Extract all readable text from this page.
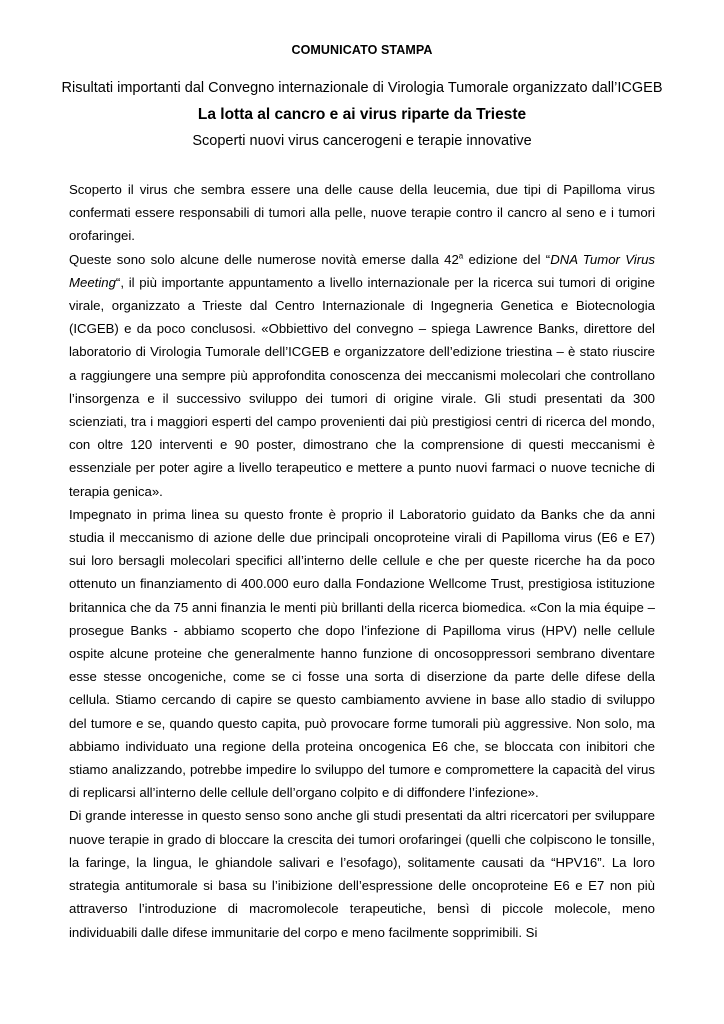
COMUNICATO STAMPA
Risultati importanti dal Convegno internazionale di Virologia Tumorale organizzato dall’ICGEB
La lotta al cancro e ai virus riparte da Trieste
Scoperti nuovi virus cancerogeni e terapie innovative

Scoperto il virus che sembra essere una delle cause della leucemia, due tipi di Papilloma virus confermati essere responsabili di tumori alla pelle, nuove terapie contro il cancro al seno e i tumori orofaringei.

Queste sono solo alcune delle numerose novità emerse dalla 42$^a$ edizione del “DNA Tumor Virus Meeting“, il più importante appuntamento a livello internazionale per la ricerca sui tumori di origine virale, organizzato a Trieste dal Centro Internazionale di Ingegneria Genetica e Biotecnologia (ICGEB) e da poco conclusosi. «Obbiettivo del convegno – spiega Lawrence Banks, direttore del laboratorio di Virologia Tumorale dell’ICGEB e organizzatore dell’edizione triestina – è stato riuscire a raggiungere una sempre più approfondita conoscenza dei meccanismi molecolari che controllano l’insorgenza e il successivo sviluppo dei tumori di origine virale. Gli studi presentati da 300 scienziati, tra i maggiori esperti del campo provenienti dai più prestigiosi centri di ricerca del mondo, con oltre 120 interventi e 90 poster, dimostrano che la comprensione di questi meccanismi è essenziale per poter agire a livello terapeutico e mettere a punto nuovi farmaci o nuove tecniche di terapia genica».

Impegnato in prima linea su questo fronte è proprio il Laboratorio guidato da Banks che da anni studia il meccanismo di azione delle due principali oncoproteine virali di Papilloma virus (E6 e E7) sui loro bersagli molecolari specifici all’interno delle cellule e che per queste ricerche ha da poco ottenuto un finanziamento di 400.000 euro dalla Fondazione Wellcome Trust, prestigiosa istituzione britannica che da 75 anni finanzia le menti più brillanti della ricerca biomedica. «Con la mia équipe – prosegue Banks - abbiamo scoperto che dopo l’infezione di Papilloma virus (HPV) nelle cellule ospite alcune proteine che generalmente hanno funzione di oncosoppressori sembrano diventare esse stesse oncogeniche, come se ci fosse una sorta di diserzione da parte delle difese della cellula. Stiamo cercando di capire se questo cambiamento avviene in base allo stadio di sviluppo del tumore e se, quando questo capita, può provocare forme tumorali più aggressive. Non solo, ma abbiamo individuato una regione della proteina oncogenica E6 che, se bloccata con inibitori che stiamo analizzando, potrebbe impedire lo sviluppo del tumore e compromettere la capacità del virus di replicarsi all’interno delle cellule dell’organo colpito e di diffondere l’infezione».

Di grande interesse in questo senso sono anche gli studi presentati da altri ricercatori per sviluppare nuove terapie in grado di bloccare la crescita dei tumori orofaringei (quelli che colpiscono le tonsille, la faringe, la lingua, le ghiandole salivari e l’esofago), solitamente causati da “HPV16”. La loro strategia antitumorale si basa su l’inibizione dell’espressione delle oncoproteine E6 e E7 non più attraverso l’introduzione di macromolecole terapeutiche, bensì di piccole molecole, meno individuabili dalle difese immunitarie del corpo e meno facilmente sopprimibili. Si
